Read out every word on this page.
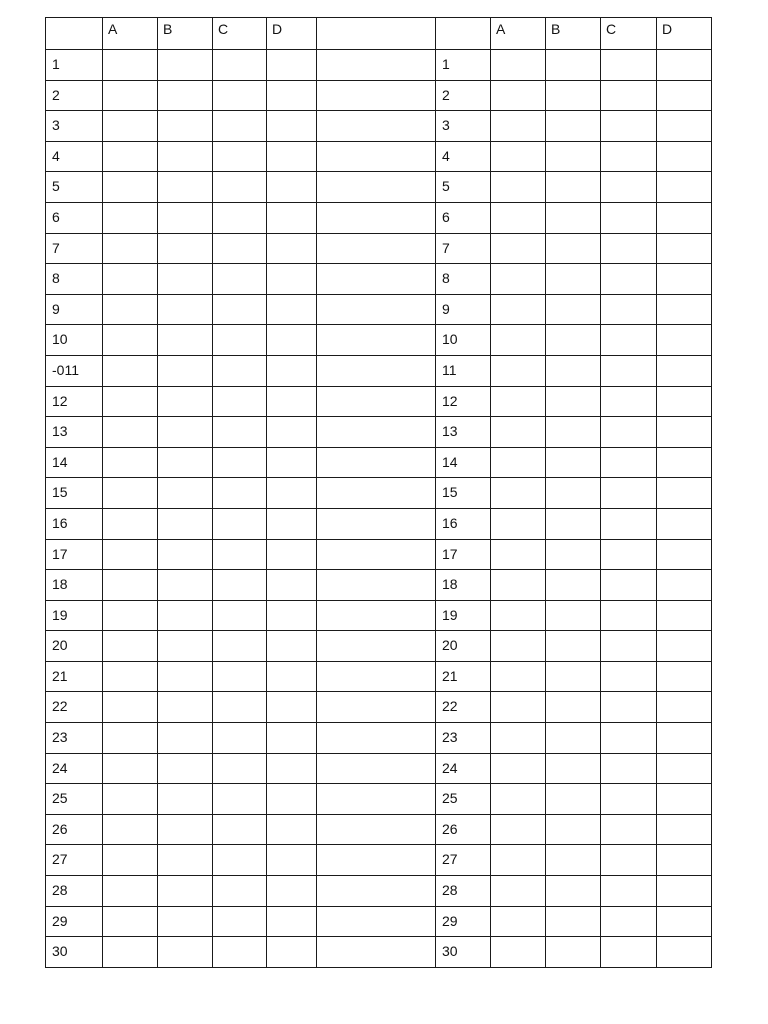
	A	B	C	D			A	B	C	D
1						1				
2						2				
3						3				
4						4				
5						5				
6						6				
7						7				
8						8				
9						9				
10						10				
-011						11				
12						12				
13						13				
14						14				
15						15				
16						16				
17						17				
18						18				
19						19				
20						20				
21						21				
22						22				
23						23				
24						24				
25						25				
26						26				
27						27				
28						28				
29						29				
30						30				
